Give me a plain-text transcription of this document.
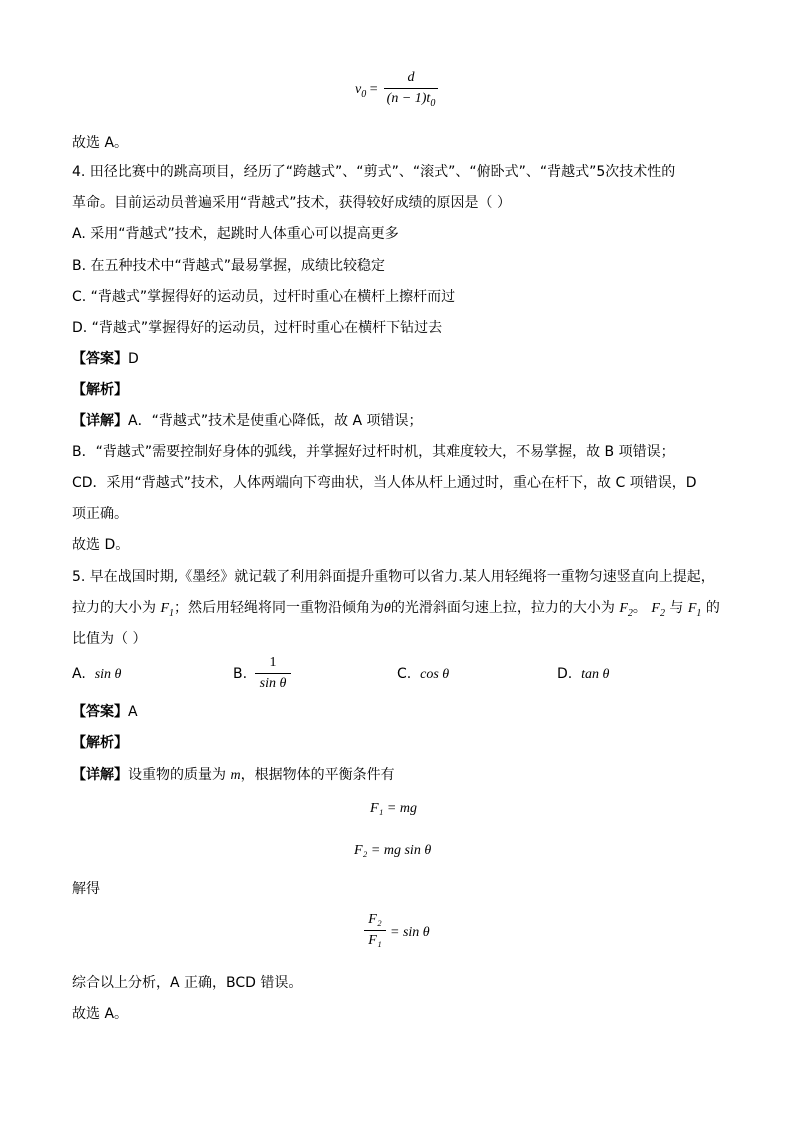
$v_0$ =
d
$(n - 1)t_0$
故选 A。
4. 田径比赛中的跳高项目，经历了“跨越式”、“剪式”、“滚式”、“俯卧式”、“背越式”5次技术性的
革命。目前运动员普遍采用“背越式”技术，获得较好成绩的原因是（ ）
A. 采用“背越式”技术，起跳时人体重心可以提高更多
B. 在五种技术中“背越式”最易掌握，成绩比较稳定
C. “背越式”掌握得好的运动员，过杆时重心在横杆上擦杆而过
D. “背越式”掌握得好的运动员，过杆时重心在横杆下钻过去
【答案】D
【解析】
【详解】A．“背越式”技术是使重心降低，故 A 项错误；
B．“背越式”需要控制好身体的弧线，并掌握好过杆时机，其难度较大，不易掌握，故 B 项错误；
CD．采用“背越式”技术，人体两端向下弯曲状，当人体从杆上通过时，重心在杆下，故 C 项错误，D
项正确。
故选 D。
5. 早在战国时期,《墨经》就记载了利用斜面提升重物可以省力.某人用轻绳将一重物匀速竖直向上提起，
拉力的大小为 $F_1$；然后用轻绳将同一重物沿倾角为θ的光滑斜面匀速上拉，拉力的大小为 $F_2$。 $F_2$ 与 $F_1$ 的
比值为（ ）
A. sin θ	B.
1
sin θ
C. cos θ	D. tan θ
【答案】A
【解析】
【详解】设重物的质量为 m，根据物体的平衡条件有
F₁ = mg
F₂ = mg sin θ
解得
F₂
F₁
= sin θ
综合以上分析，A 正确，BCD 错误。
故选 A。
